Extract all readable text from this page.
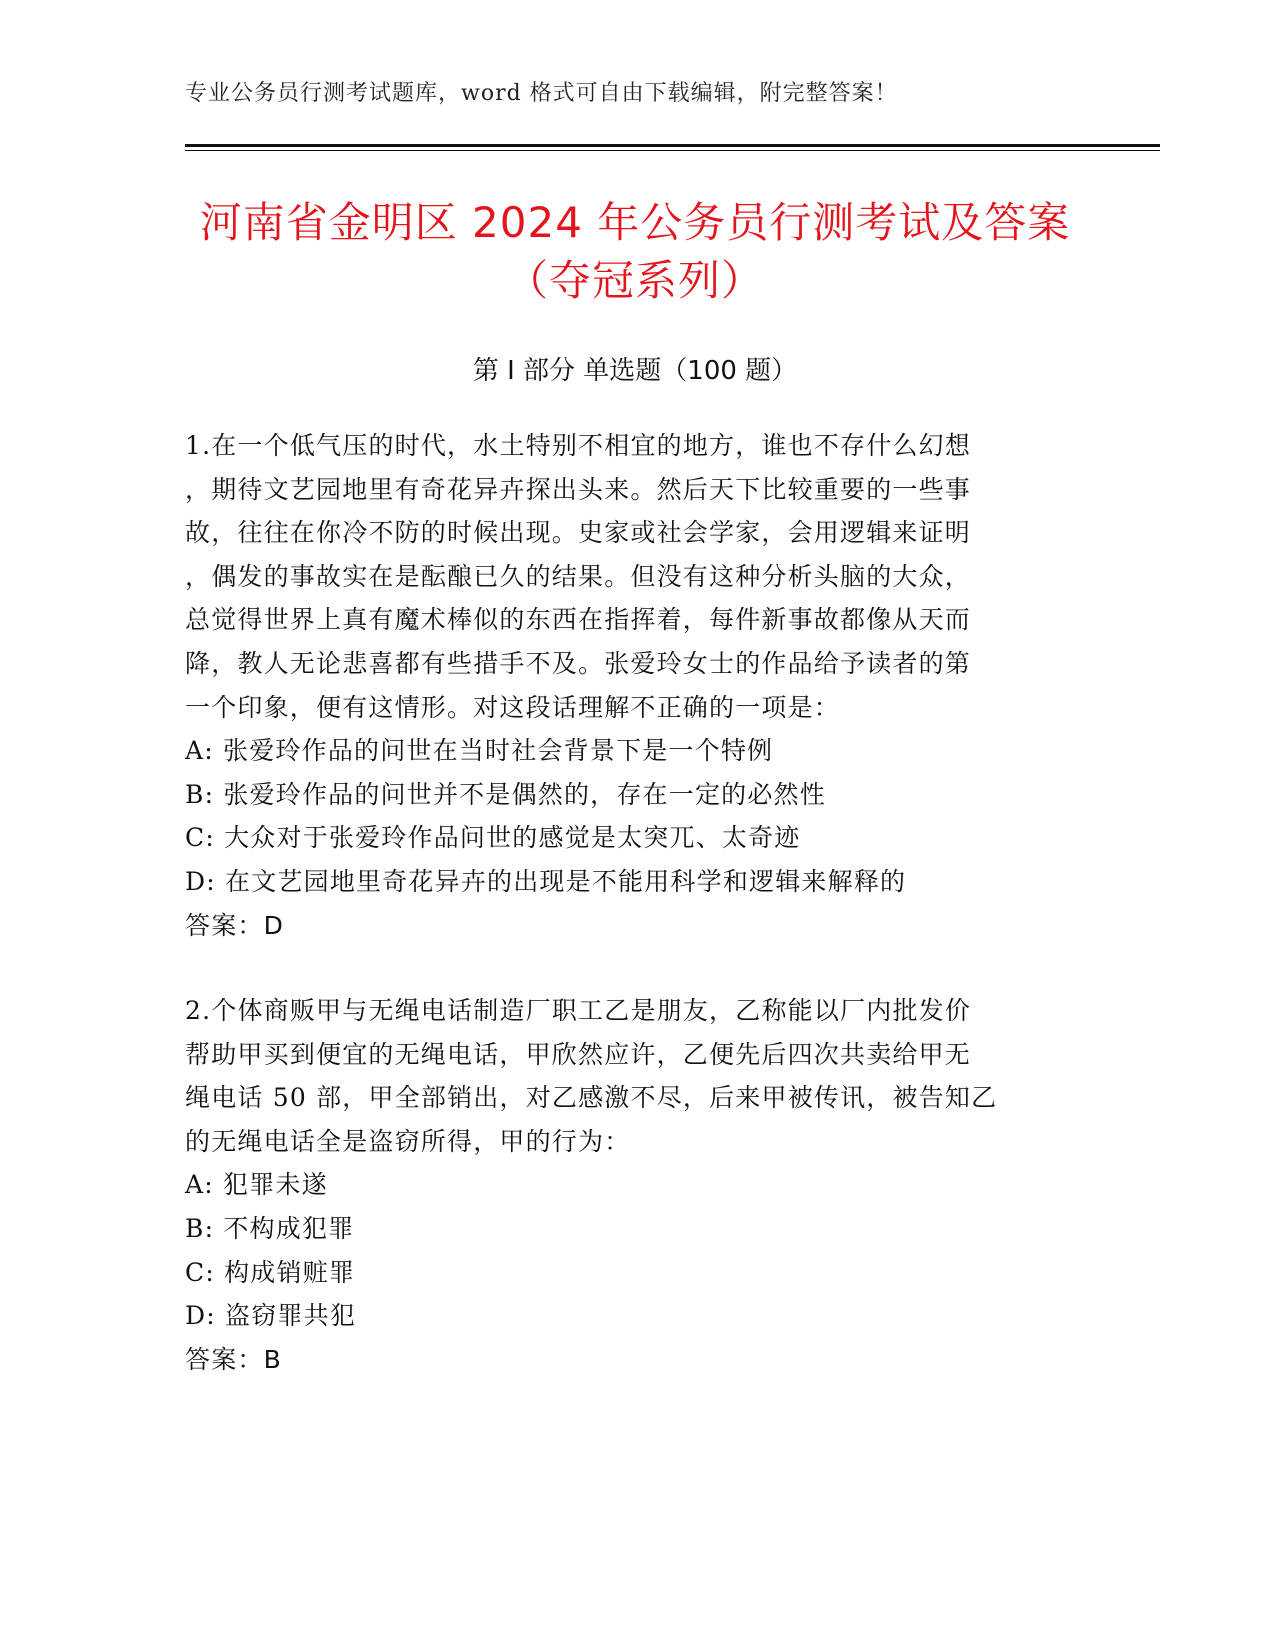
专业公务员行测考试题库，word 格式可自由下载编辑，附完整答案！
河南省金明区 2024 年公务员行测考试及答案
（夺冠系列）
第 I 部分 单选题（100 题）

1.在一个低气压的时代，水土特别不相宜的地方，谁也不存什么幻想

，期待文艺园地里有奇花异卉探出头来。然后天下比较重要的一些事

故，往往在你冷不防的时候出现。史家或社会学家，会用逻辑来证明

，偶发的事故实在是酝酿已久的结果。但没有这种分析头脑的大众，

总觉得世界上真有魔术棒似的东西在指挥着，每件新事故都像从天而

降，教人无论悲喜都有些措手不及。张爱玲女士的作品给予读者的第

一个印象，便有这情形。对这段话理解不正确的一项是：

A: 张爱玲作品的问世在当时社会背景下是一个特例

B: 张爱玲作品的问世并不是偶然的，存在一定的必然性

C: 大众对于张爱玲作品问世的感觉是太突兀、太奇迹

D: 在文艺园地里奇花异卉的出现是不能用科学和逻辑来解释的

答案：D

2.个体商贩甲与无绳电话制造厂职工乙是朋友，乙称能以厂内批发价

帮助甲买到便宜的无绳电话，甲欣然应许，乙便先后四次共卖给甲无

绳电话 50 部，甲全部销出，对乙感激不尽，后来甲被传讯，被告知乙

的无绳电话全是盗窃所得，甲的行为：

A: 犯罪未遂

B: 不构成犯罪

C: 构成销赃罪

D: 盗窃罪共犯

答案：B
